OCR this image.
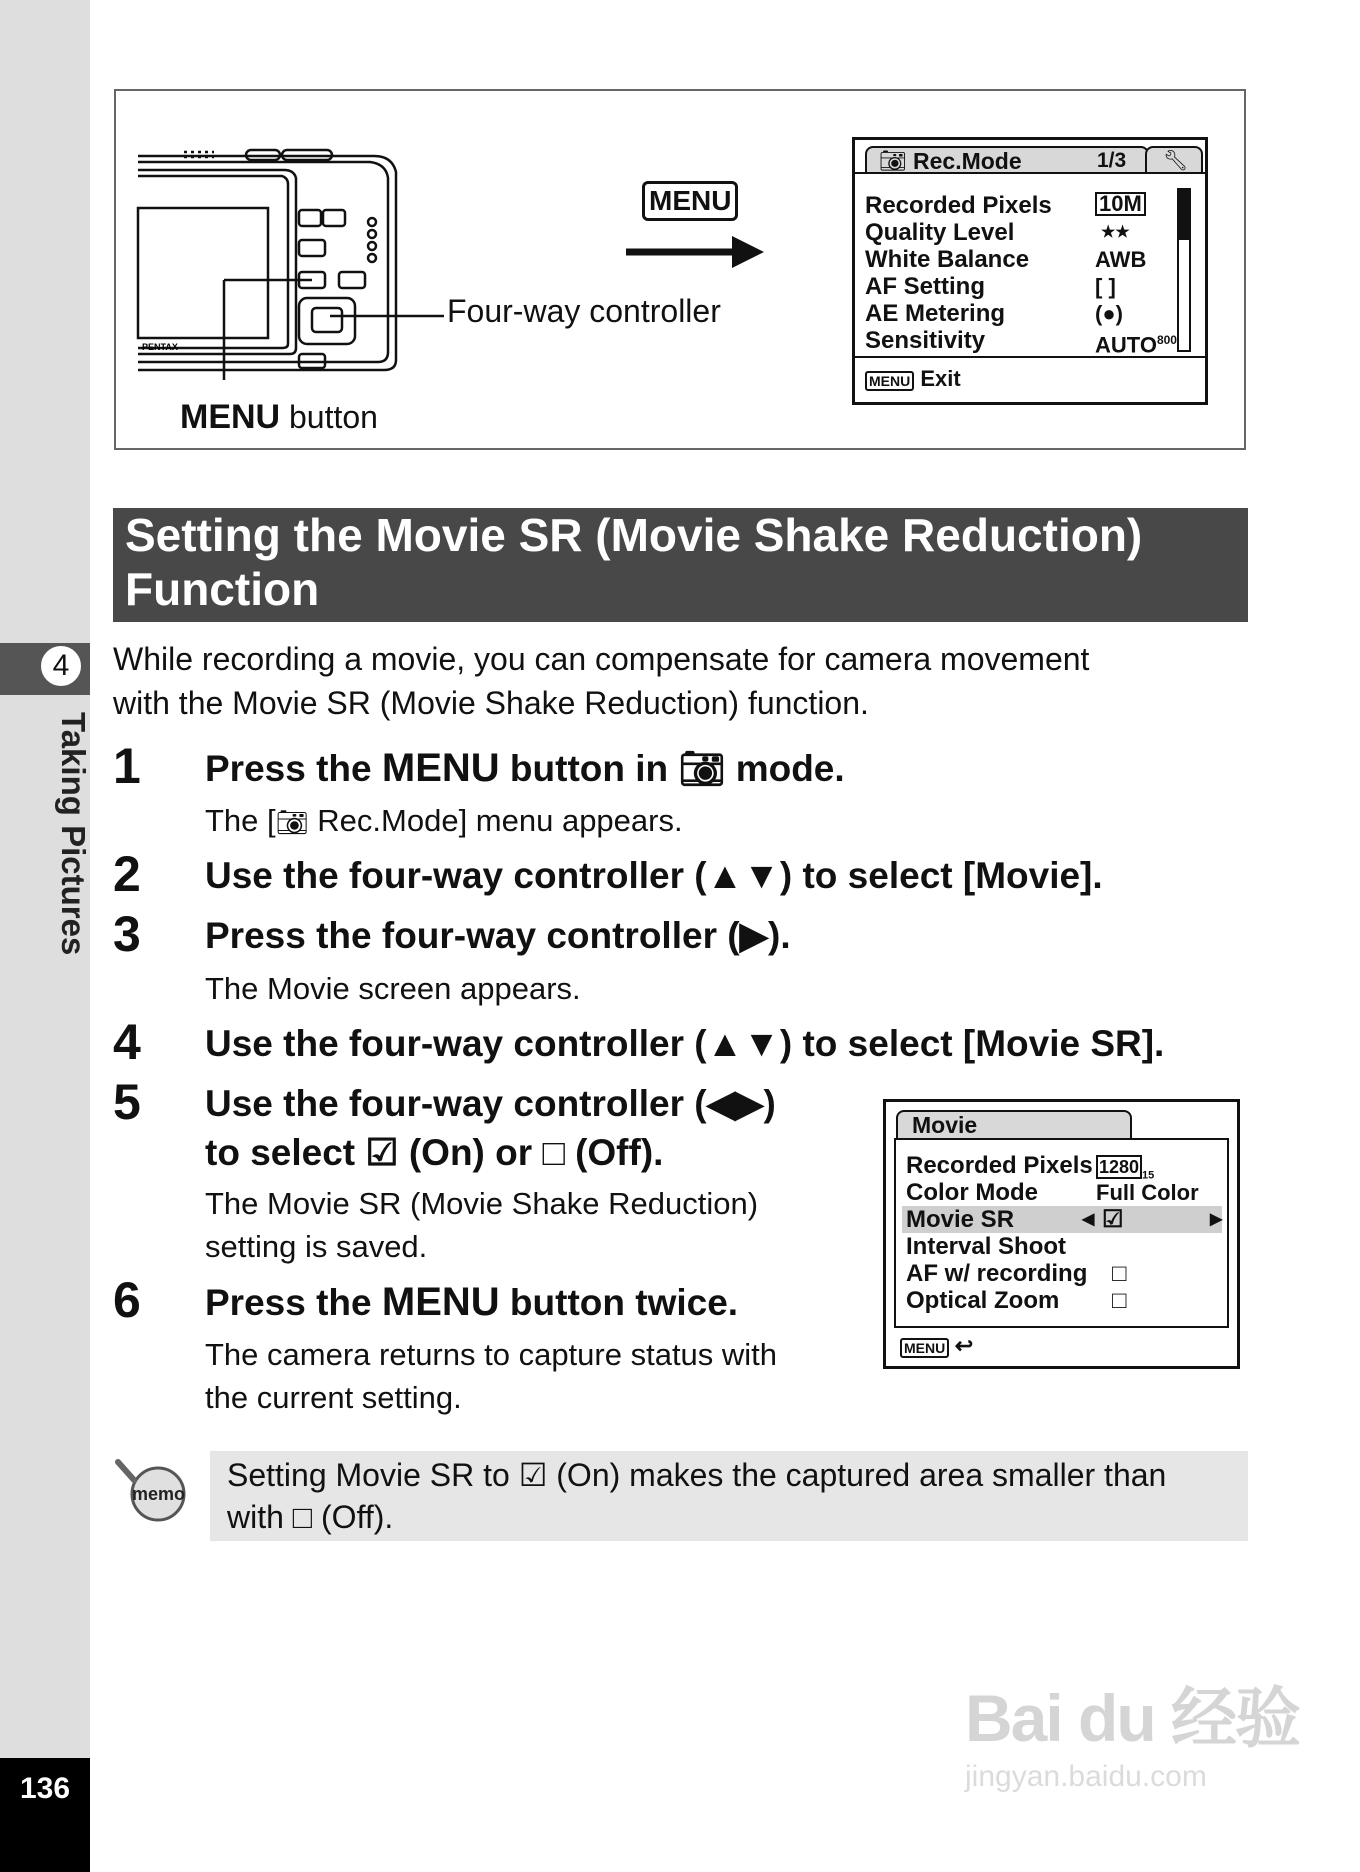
4
Taking Pictures
136
PENTAX
Four-way controller
MENU button
MENU
📷︎ Rec.Mode	1/3 🔧︎
Recorded Pixels 10M
Quality Level	★★
White Balance	AWB
AF Setting	[ ]
AE Metering	(●)
Sensitivity	AUTO$^{800}$
MENU Exit
Setting the Movie SR (Movie Shake Reduction)
Function
While recording a movie, you can compensate for camera movement
with the Movie SR (Movie Shake Reduction) function.
1 Press the MENU button in 📷︎ mode.
The [📷︎ Rec.Mode] menu appears.
2 Use the four-way controller (▲▼) to select [Movie].
3 Press the four-way controller (▶).
The Movie screen appears.
4 Use the four-way controller (▲▼) to select [Movie SR].
5 Use the four-way controller (◀▶)
to select ☑ (On) or □ (Off).
The Movie SR (Movie Shake Reduction)
setting is saved.
6 Press the MENU button twice.
The camera returns to capture status with
the current setting.
Movie
Recorded Pixels 1280 $_{15}$
Color Mode	Full Color
Movie SR	◀ ☑	▶
Interval Shoot
AF w/ recording □
Optical Zoom □
MENU ↩
memo
Setting Movie SR to ☑ (On) makes the captured area smaller than
with □ (Off).
Bai du 经验
jingyan.baidu.com
